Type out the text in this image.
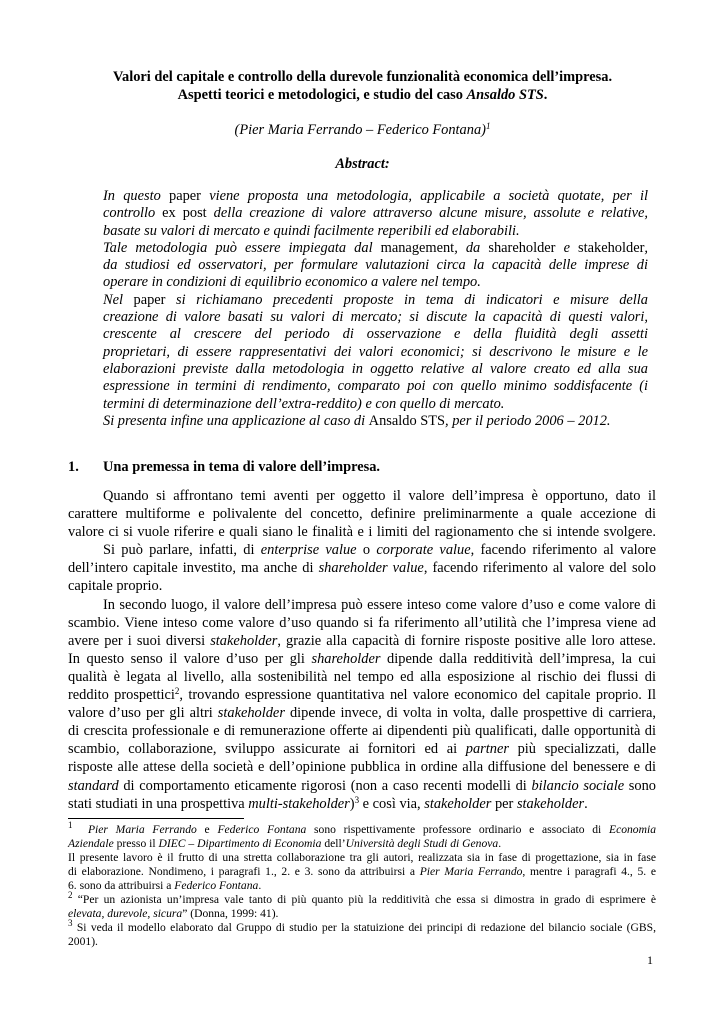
Valori del capitale e controllo della durevole funzionalità economica dell’impresa.
Aspetti teorici e metodologici, e studio del caso Ansaldo STS.
(Pier Maria Ferrando – Federico Fontana)$^1$
Abstract:
In questo paper viene proposta una metodologia, applicabile a società quotate, per il
controllo ex post della creazione di valore attraverso alcune misure, assolute e relative,
basate su valori di mercato e quindi facilmente reperibili ed elaborabili.
Tale metodologia può essere impiegata dal management, da shareholder e stakeholder,
da studiosi ed osservatori, per formulare valutazioni circa la capacità delle imprese di
operare in condizioni di equilibrio economico a valere nel tempo.
Nel paper si richiamano precedenti proposte in tema di indicatori e misure della
creazione di valore basati su valori di mercato; si discute la capacità di questi valori,
crescente al crescere del periodo di osservazione e della fluidità degli assetti
proprietari, di essere rappresentativi dei valori economici; si descrivono le misure e le
elaborazioni previste dalla metodologia in oggetto relative al valore creato ed alla sua
espressione in termini di rendimento, comparato poi con quello minimo soddisfacente (i
termini di determinazione dell’extra-reddito) e con quello di mercato.
Si presenta infine una applicazione al caso di Ansaldo STS, per il periodo 2006 – 2012.
1. Una premessa in tema di valore dell’impresa.
Quando si affrontano temi aventi per oggetto il valore dell’impresa è opportuno, dato il
carattere multiforme e polivalente del concetto, definire preliminarmente a quale accezione di
valore ci si vuole riferire e quali siano le finalità e i limiti del ragionamento che si intende svolgere.
Si può parlare, infatti, di enterprise value o corporate value, facendo riferimento al valore
dell’intero capitale investito, ma anche di shareholder value, facendo riferimento al valore del solo
capitale proprio.
In secondo luogo, il valore dell’impresa può essere inteso come valore d’uso e come valore di
scambio. Viene inteso come valore d’uso quando si fa riferimento all’utilità che l’impresa viene ad
avere per i suoi diversi stakeholder, grazie alla capacità di fornire risposte positive alle loro attese.
In questo senso il valore d’uso per gli shareholder dipende dalla redditività dell’impresa, la cui
qualità è legata al livello, alla sostenibilità nel tempo ed alla esposizione al rischio dei flussi di
reddito prospettici$^2$, trovando espressione quantitativa nel valore economico del capitale proprio. Il
valore d’uso per gli altri stakeholder dipende invece, di volta in volta, dalle prospettive di carriera,
di crescita professionale e di remunerazione offerte ai dipendenti più qualificati, dalle opportunità di
scambio, collaborazione, sviluppo assicurate ai fornitori ed ai partner più specializzati, dalle
risposte alle attese della società e dell’opinione pubblica in ordine alla diffusione del benessere e di
standard di comportamento eticamente rigorosi (non a caso recenti modelli di bilancio sociale sono
stati studiati in una prospettiva multi-stakeholder)$^3$ e così via, stakeholder per stakeholder.
$^1$ Pier Maria Ferrando e Federico Fontana sono rispettivamente professore ordinario e associato di Economia
Aziendale presso il DIEC – Dipartimento di Economia dell’Università degli Studi di Genova.
Il presente lavoro è il frutto di una stretta collaborazione tra gli autori, realizzata sia in fase di progettazione, sia in fase
di elaborazione. Nondimeno, i paragrafi 1., 2. e 3. sono da attribuirsi a Pier Maria Ferrando, mentre i paragrafi 4., 5. e
6. sono da attribuirsi a Federico Fontana.
$^2$ “Per un azionista un’impresa vale tanto di più quanto più la redditività che essa si dimostra in grado di esprimere è
elevata, durevole, sicura” (Donna, 1999: 41).
$^3$ Si veda il modello elaborato dal Gruppo di studio per la statuizione dei principi di redazione del bilancio sociale (GBS,
2001).
1
